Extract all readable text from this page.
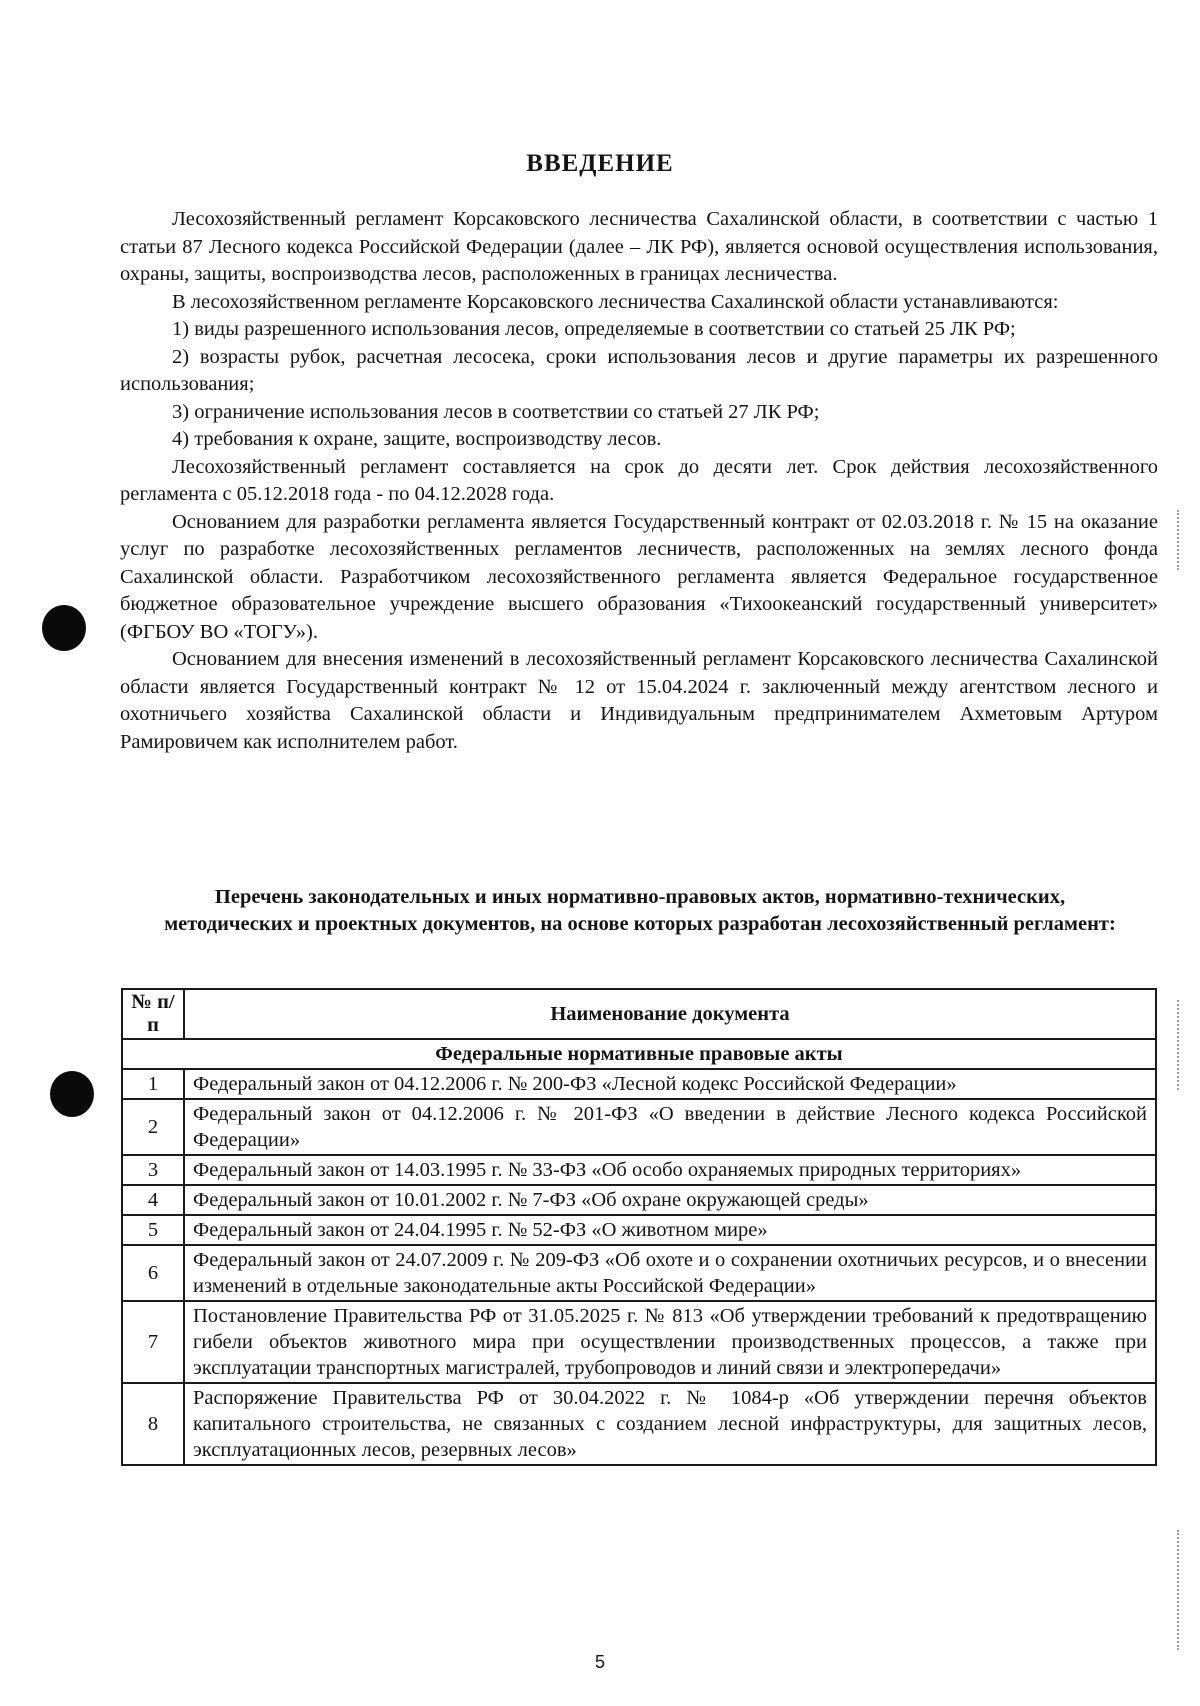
ВВЕДЕНИЕ

Лесохозяйственный регламент Корсаковского лесничества Сахалинской области, в соответствии с частью 1 статьи 87 Лесного кодекса Российской Федерации (далее – ЛК РФ), является основой осуществления использования, охраны, защиты, воспроизводства лесов, расположенных в границах лесничества.

В лесохозяйственном регламенте Корсаковского лесничества Сахалинской области устанавливаются:

1) виды разрешенного использования лесов, определяемые в соответствии со статьей 25 ЛК РФ;

2) возрасты рубок, расчетная лесосека, сроки использования лесов и другие параметры их разрешенного использования;

3) ограничение использования лесов в соответствии со статьей 27 ЛК РФ;

4) требования к охране, защите, воспроизводству лесов.

Лесохозяйственный регламент составляется на срок до десяти лет. Срок действия лесохозяйственного регламента с 05.12.2018 года - по 04.12.2028 года.

Основанием для разработки регламента является Государственный контракт от 02.03.2018 г. № 15 на оказание услуг по разработке лесохозяйственных регламентов лесничеств, расположенных на землях лесного фонда Сахалинской области. Разработчиком лесохозяйственного регламента является Федеральное государственное бюджетное образовательное учреждение высшего образования «Тихоокеанский государственный университет» (ФГБОУ ВО «ТОГУ»).

Основанием для внесения изменений в лесохозяйственный регламент Корсаковского лесничества Сахалинской области является Государственный контракт № 12 от 15.04.2024 г. заключенный между агентством лесного и охотничьего хозяйства Сахалинской области и Индивидуальным предпринимателем Ахметовым Артуром Рамировичем как исполнителем работ.

Перечень законодательных и иных нормативно-правовых актов, нормативно-технических, методических и проектных документов, на основе которых разработан лесохозяйственный регламент:
№ п/п	Наименование документа
Федеральные нормативные правовые акты	
1	Федеральный закон от 04.12.2006 г. № 200-ФЗ «Лесной кодекс Российской Федерации»
2	Федеральный закон от 04.12.2006 г. № 201-ФЗ «О введении в действие Лесного кодекса Российской Федерации»
3	Федеральный закон от 14.03.1995 г. № 33-ФЗ «Об особо охраняемых природных территориях»
4	Федеральный закон от 10.01.2002 г. № 7-ФЗ «Об охране окружающей среды»
5	Федеральный закон от 24.04.1995 г. № 52-ФЗ «О животном мире»
6	Федеральный закон от 24.07.2009 г. № 209-ФЗ «Об охоте и о сохранении охотничьих ресурсов, и о внесении изменений в отдельные законодательные акты Российской Федерации»
7	Постановление Правительства РФ от 31.05.2025 г. № 813 «Об утверждении требований к предотвращению гибели объектов животного мира при осуществлении производственных процессов, а также при эксплуатации транспортных магистралей, трубопроводов и линий связи и электропередачи»
8	Распоряжение Правительства РФ от 30.04.2022 г. № 1084-р «Об утверждении перечня объектов капитального строительства, не связанных с созданием лесной инфраструктуры, для защитных лесов, эксплуатационных лесов, резервных лесов»
5
